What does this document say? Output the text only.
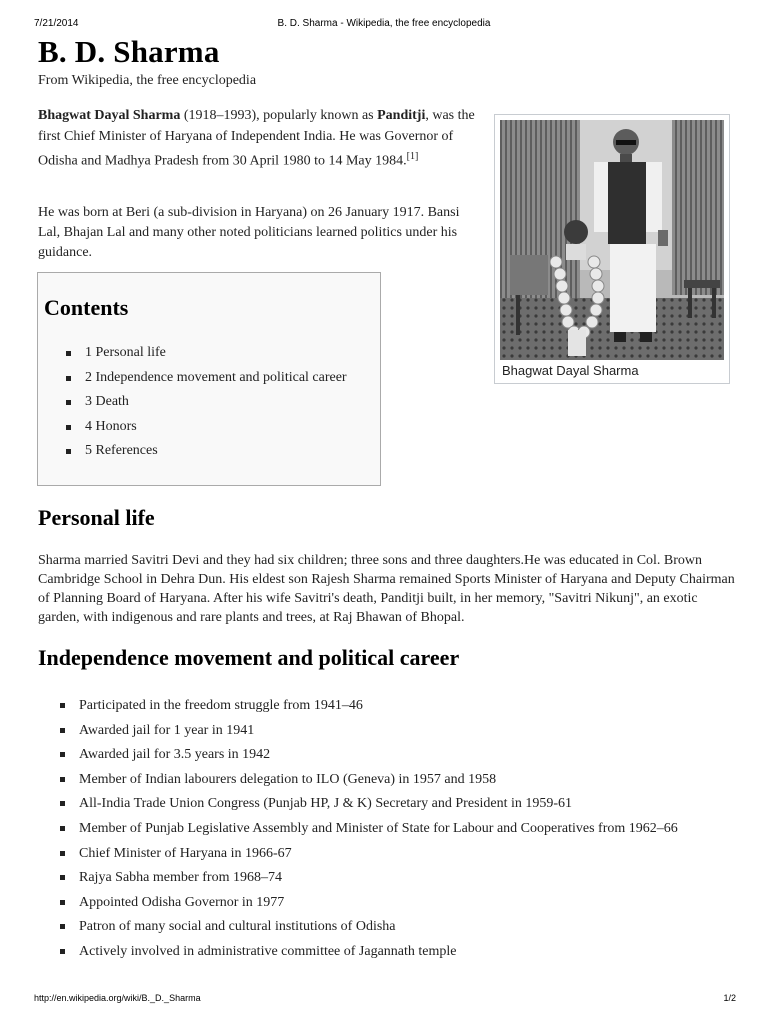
7/21/2014	B. D. Sharma - Wikipedia, the free encyclopedia
B. D. Sharma
From Wikipedia, the free encyclopedia

Bhagwat Dayal Sharma (1918–1993), popularly known as Panditji, was the first Chief Minister of Haryana of Independent India. He was Governor of Odisha and Madhya Pradesh from 30 April 1980 to 14 May 1984.[1]

He was born at Beri (a sub-division in Haryana) on 26 January 1917. Bansi Lal, Bhajan Lal and many other noted politicians learned politics under his guidance.

Bhagwat Dayal Sharma
Contents
1 Personal life
2 Independence movement and political career
3 Death
4 Honors
5 References
Personal life

Sharma married Savitri Devi and they had six children; three sons and three daughters.He was educated in Col. Brown Cambridge School in Dehra Dun. His eldest son Rajesh Sharma remained Sports Minister of Haryana and Deputy Chairman of Planning Board of Haryana. After his wife Savitri's death, Panditji built, in her memory, "Savitri Nikunj", an exotic garden, with indigenous and rare plants and trees, at Raj Bhawan of Bhopal.

Independence movement and political career
Participated in the freedom struggle from 1941–46
Awarded jail for 1 year in 1941
Awarded jail for 3.5 years in 1942
Member of Indian labourers delegation to ILO (Geneva) in 1957 and 1958
All-India Trade Union Congress (Punjab HP, J & K) Secretary and President in 1959-61
Member of Punjab Legislative Assembly and Minister of State for Labour and Cooperatives from 1962–66
Chief Minister of Haryana in 1966-67
Rajya Sabha member from 1968–74
Appointed Odisha Governor in 1977
Patron of many social and cultural institutions of Odisha
Actively involved in administrative committee of Jagannath temple
http://en.wikipedia.org/wiki/B._D._Sharma	1/2
